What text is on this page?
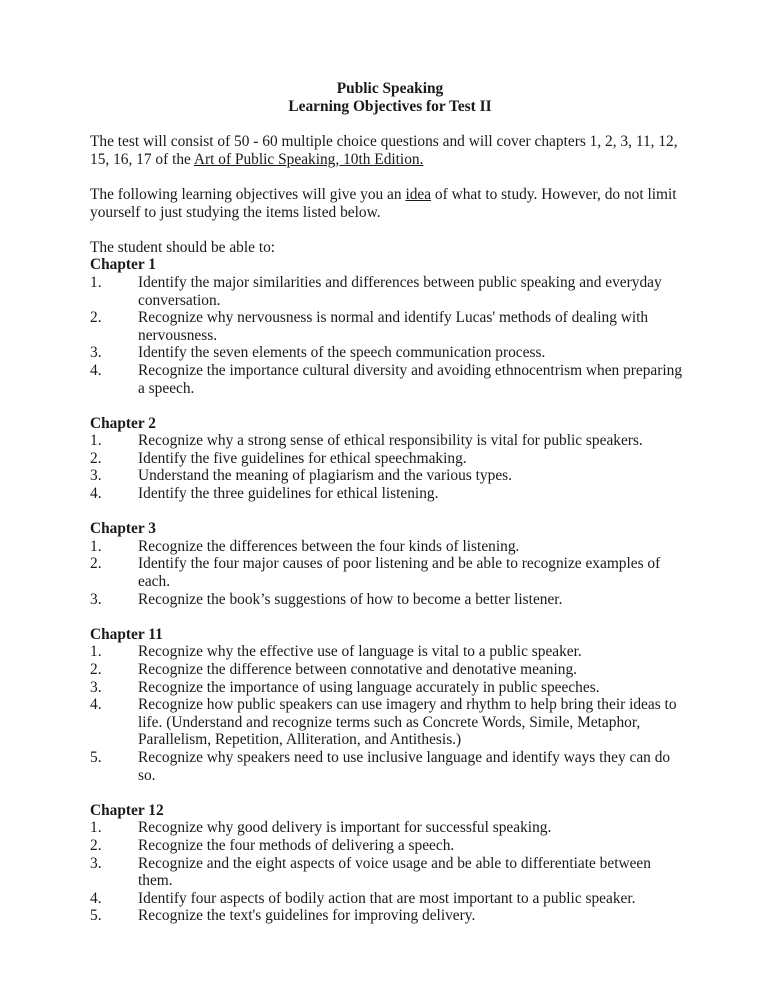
Public Speaking
Learning Objectives for Test II

The test will consist of 50 - 60 multiple choice questions and will cover chapters 1, 2, 3, 11, 12, 15, 16, 17 of the Art of Public Speaking, 10th Edition.

The following learning objectives will give you an idea of what to study. However, do not limit yourself to just studying the items listed below.

The student should be able to:
Chapter 1
1.	Identify the major similarities and differences between public speaking and everyday conversation.
2.	Recognize why nervousness is normal and identify Lucas' methods of dealing with nervousness.
3.	Identify the seven elements of the speech communication process.
4.	Recognize the importance cultural diversity and avoiding ethnocentrism when preparing a speech.
Chapter 2
1.	Recognize why a strong sense of ethical responsibility is vital for public speakers.
2.	Identify the five guidelines for ethical speechmaking.
3.	Understand the meaning of plagiarism and the various types.
4.	Identify the three guidelines for ethical listening.
Chapter 3
1.	Recognize the differences between the four kinds of listening.
2.	Identify the four major causes of poor listening and be able to recognize examples of each.
3.	Recognize the book’s suggestions of how to become a better listener.
Chapter 11
1.	Recognize why the effective use of language is vital to a public speaker.
2.	Recognize the difference between connotative and denotative meaning.
3.	Recognize the importance of using language accurately in public speeches.
4.	Recognize how public speakers can use imagery and rhythm to help bring their ideas to life. (Understand and recognize terms such as Concrete Words, Simile, Metaphor, Parallelism, Repetition, Alliteration, and Antithesis.)
5.	Recognize why speakers need to use inclusive language and identify ways they can do so.
Chapter 12
1.	Recognize why good delivery is important for successful speaking.
2.	Recognize the four methods of delivering a speech.
3.	Recognize and the eight aspects of voice usage and be able to differentiate between them.
4.	Identify four aspects of bodily action that are most important to a public speaker.
5.	Recognize the text's guidelines for improving delivery.
